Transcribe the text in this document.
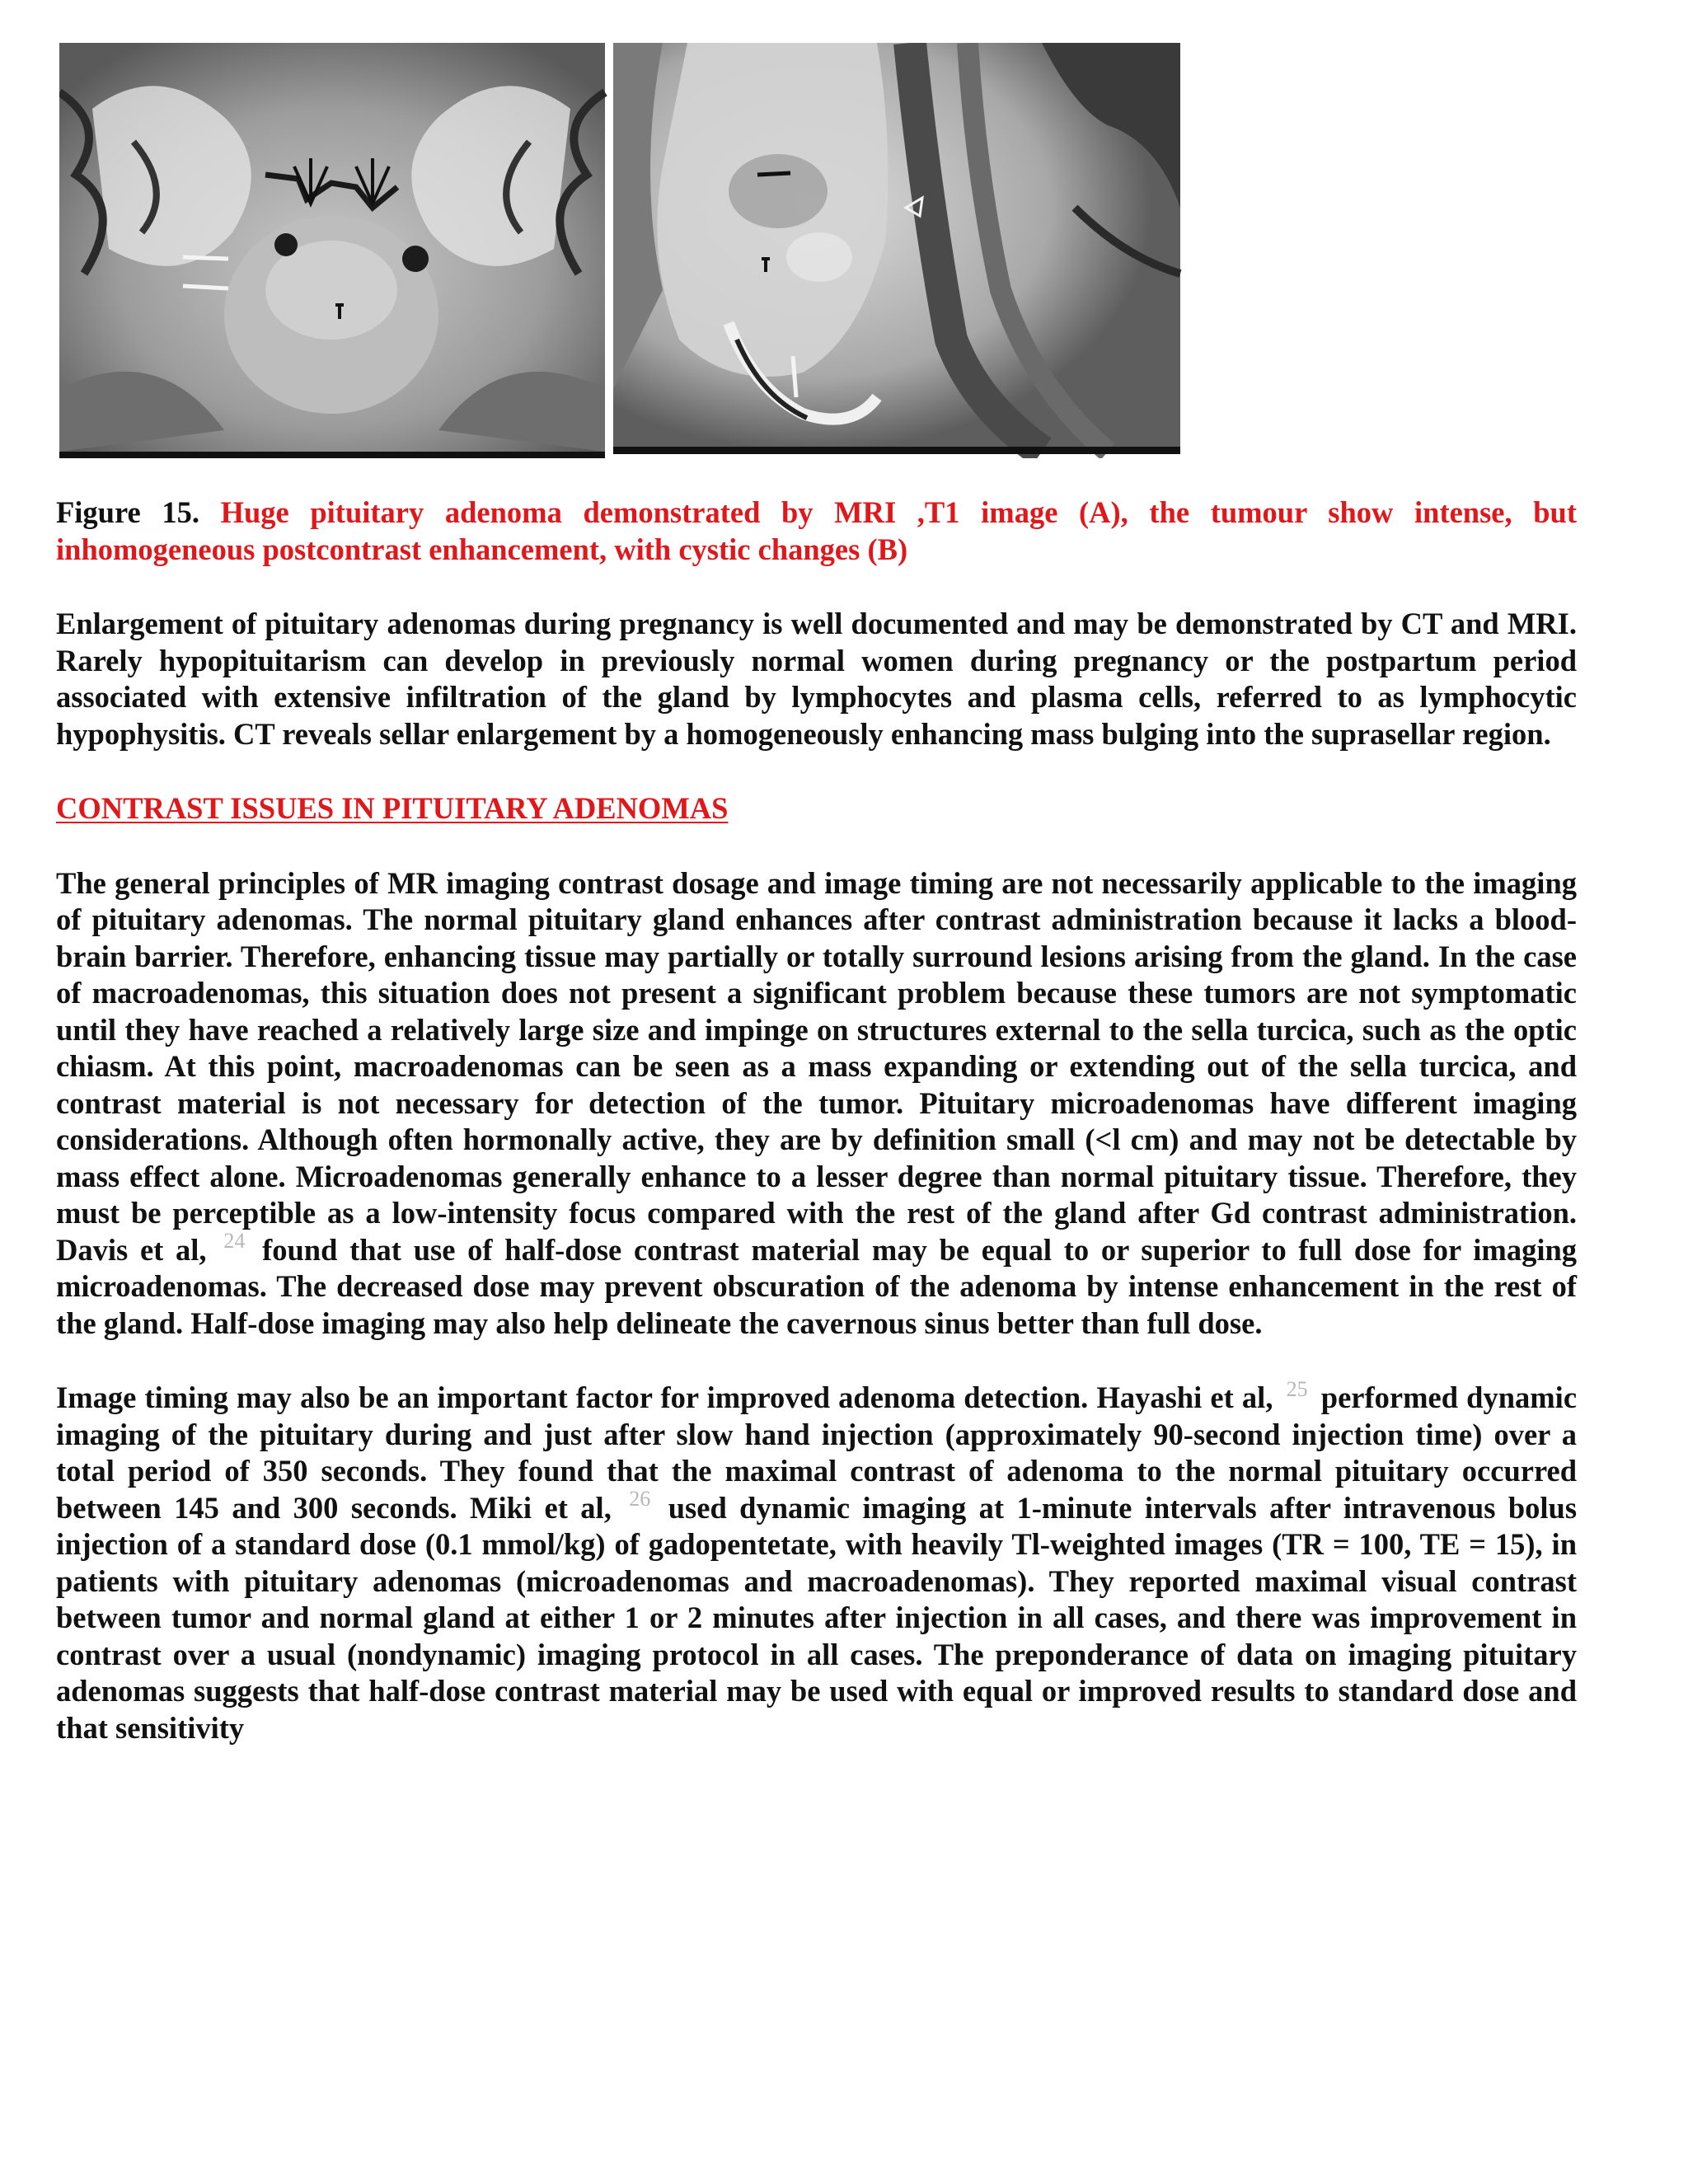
Figure 15. Huge pituitary adenoma demonstrated by MRI ,T1 image (A), the tumour show intense, but inhomogeneous postcontrast enhancement, with cystic changes (B)

Enlargement of pituitary adenomas during pregnancy is well documented and may be demonstrated by CT and MRI. Rarely hypopituitarism can develop in previously normal women during pregnancy or the postpartum period associated with extensive infiltration of the gland by lymphocytes and plasma cells, referred to as lymphocytic hypophysitis. CT reveals sellar enlargement by a homogeneously enhancing mass bulging into the suprasellar region.

CONTRAST ISSUES IN PITUITARY ADENOMAS

The general principles of MR imaging contrast dosage and image timing are not necessarily applicable to the imaging of pituitary adenomas. The normal pituitary gland enhances after contrast administration because it lacks a blood-brain barrier. Therefore, enhancing tissue may partially or totally surround lesions arising from the gland. In the case of macroadenomas, this situation does not present a significant problem because these tumors are not symptomatic until they have reached a relatively large size and impinge on structures external to the sella turcica, such as the optic chiasm. At this point, macroadenomas can be seen as a mass expanding or extending out of the sella turcica, and contrast material is not necessary for detection of the tumor. Pituitary microadenomas have different imaging considerations. Although often hormonally active, they are by definition small (<l cm) and may not be detectable by mass effect alone. Microadenomas generally enhance to a lesser degree than normal pituitary tissue. Therefore, they must be perceptible as a low-intensity focus compared with the rest of the gland after Gd contrast administration. Davis et al, $^{24}$ found that use of half-dose contrast material may be equal to or superior to full dose for imaging microadenomas. The decreased dose may prevent obscuration of the adenoma by intense enhancement in the rest of the gland. Half-dose imaging may also help delineate the cavernous sinus better than full dose.

Image timing may also be an important factor for improved adenoma detection. Hayashi et al, $^{25}$ performed dynamic imaging of the pituitary during and just after slow hand injection (approximately 90-second injection time) over a total period of 350 seconds. They found that the maximal contrast of adenoma to the normal pituitary occurred between 145 and 300 seconds. Miki et al, $^{26}$ used dynamic imaging at 1-minute intervals after intravenous bolus injection of a standard dose (0.1 mmol/kg) of gadopentetate, with heavily Tl-weighted images (TR = 100, TE = 15), in patients with pituitary adenomas (microadenomas and macroadenomas). They reported maximal visual contrast between tumor and normal gland at either 1 or 2 minutes after injection in all cases, and there was improvement in contrast over a usual (nondynamic) imaging protocol in all cases. The preponderance of data on imaging pituitary adenomas suggests that half-dose contrast material may be used with equal or improved results to standard dose and that sensitivity
